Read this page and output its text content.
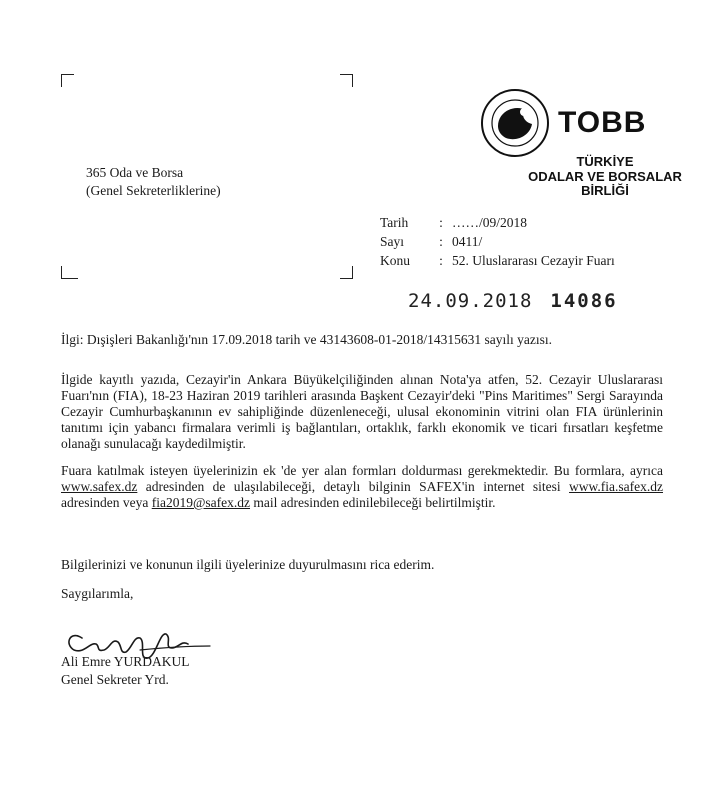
TOBB
TÜRKİYE
ODALAR VE BORSALAR
BİRLİĞİ
365 Oda ve Borsa
(Genel Sekreterliklerine)
Tarih	: ……/09/2018
Sayı	: 0411/
Konu	: 52. Uluslararası Cezayir Fuarı
24.09.2018 14086
İlgi: Dışişleri Bakanlığı'nın 17.09.2018 tarih ve 43143608-01-2018/14315631 sayılı yazısı.
İlgide kayıtlı yazıda, Cezayir'in Ankara Büyükelçiliğinden alınan Nota'ya atfen, 52. Cezayir Uluslararası Fuarı'nın (FIA), 18-23 Haziran 2019 tarihleri arasında Başkent Cezayir'deki "Pins Maritimes" Sergi Sarayında Cezayir Cumhurbaşkanının ev sahipliğinde düzenleneceği, ulusal ekonominin vitrini olan FIA ürünlerinin tanıtımı için yabancı firmalara verimli iş bağlantıları, ortaklık, farklı ekonomik ve ticari fırsatları keşfetme olanağı sunulacağı kaydedilmiştir.
Fuara katılmak isteyen üyelerinizin ek 'de yer alan formları doldurması gerekmektedir. Bu formlara, ayrıca www.safex.dz adresinden de ulaşılabileceği, detaylı bilginin SAFEX'in internet sitesi www.fia.safex.dz adresinden veya fia2019@safex.dz mail adresinden edinilebileceği belirtilmiştir.
Bilgilerinizi ve konunun ilgili üyelerinize duyurulmasını rica ederim.
Saygılarımla,
Ali Emre YURDAKUL
Genel Sekreter Yrd.
